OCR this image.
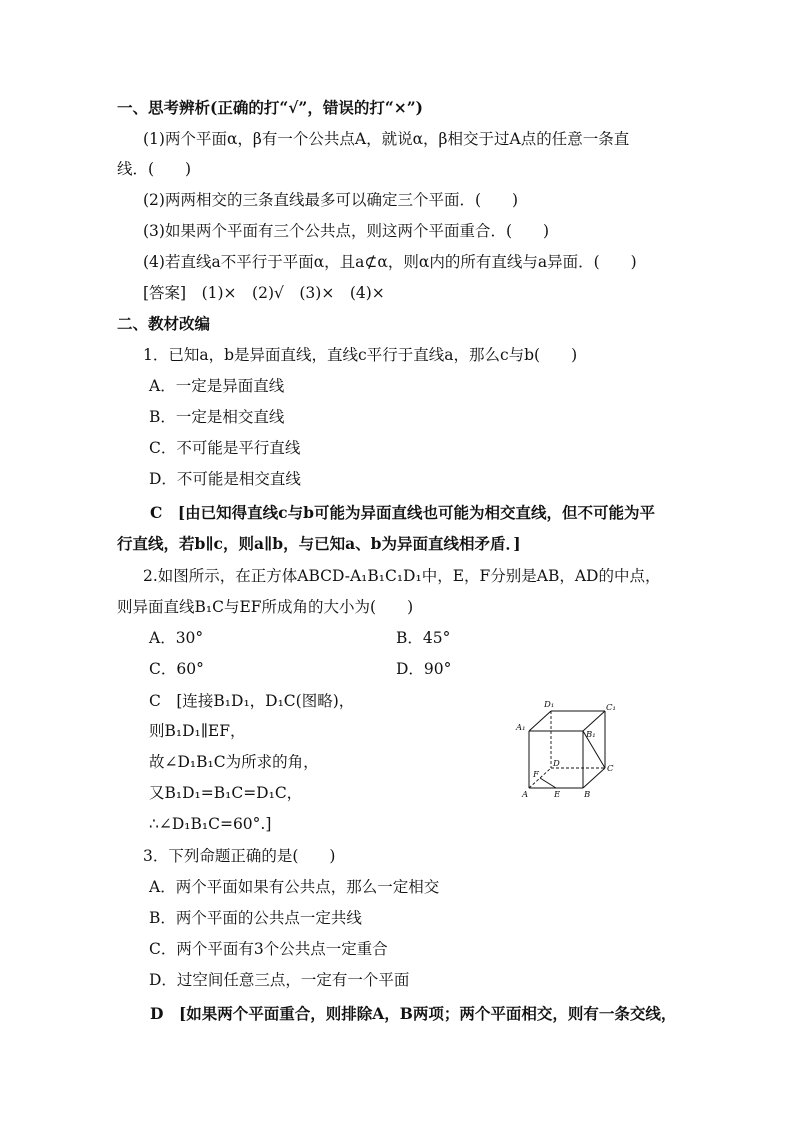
一、思考辨析(正确的打“√”，错误的打“×”)
(1)两个平面α，β有一个公共点A，就说α，β相交于过A点的任意一条直
线．(　　)
(2)两两相交的三条直线最多可以确定三个平面．(　　)
(3)如果两个平面有三个公共点，则这两个平面重合．(　　)
(4)若直线a不平行于平面α，且a⊄α，则α内的所有直线与a异面．(　　)
[答案]　(1)×　(2)√　(3)×　(4)×
二、教材改编
1．已知a，b是异面直线，直线c平行于直线a，那么c与b(　　)
A．一定是异面直线
B．一定是相交直线
C．不可能是平行直线
D．不可能是相交直线
C　[由已知得直线c与b可能为异面直线也可能为相交直线，但不可能为平
行直线，若b∥c，则a∥b，与已知a、b为异面直线相矛盾．]
2.如图所示，在正方体ABCD-A₁B₁C₁D₁中，E，F分别是AB，AD的中点，
则异面直线B₁C与EF所成角的大小为(　　)
A．30°	B．45°
C．60°	D．90°
C　[连接B₁D₁，D₁C(图略)，
则B₁D₁∥EF，
故∠D₁B₁C为所求的角，
又B₁D₁=B₁C=D₁C，
∴∠D₁B₁C=60°.]
D₁	C₁
A₁
B₁
D	C
F
A	E	B
3．下列命题正确的是(　　)
A．两个平面如果有公共点，那么一定相交
B．两个平面的公共点一定共线
C．两个平面有3个公共点一定重合
D．过空间任意三点，一定有一个平面
D　[如果两个平面重合，则排除A，B两项；两个平面相交，则有一条交线，
